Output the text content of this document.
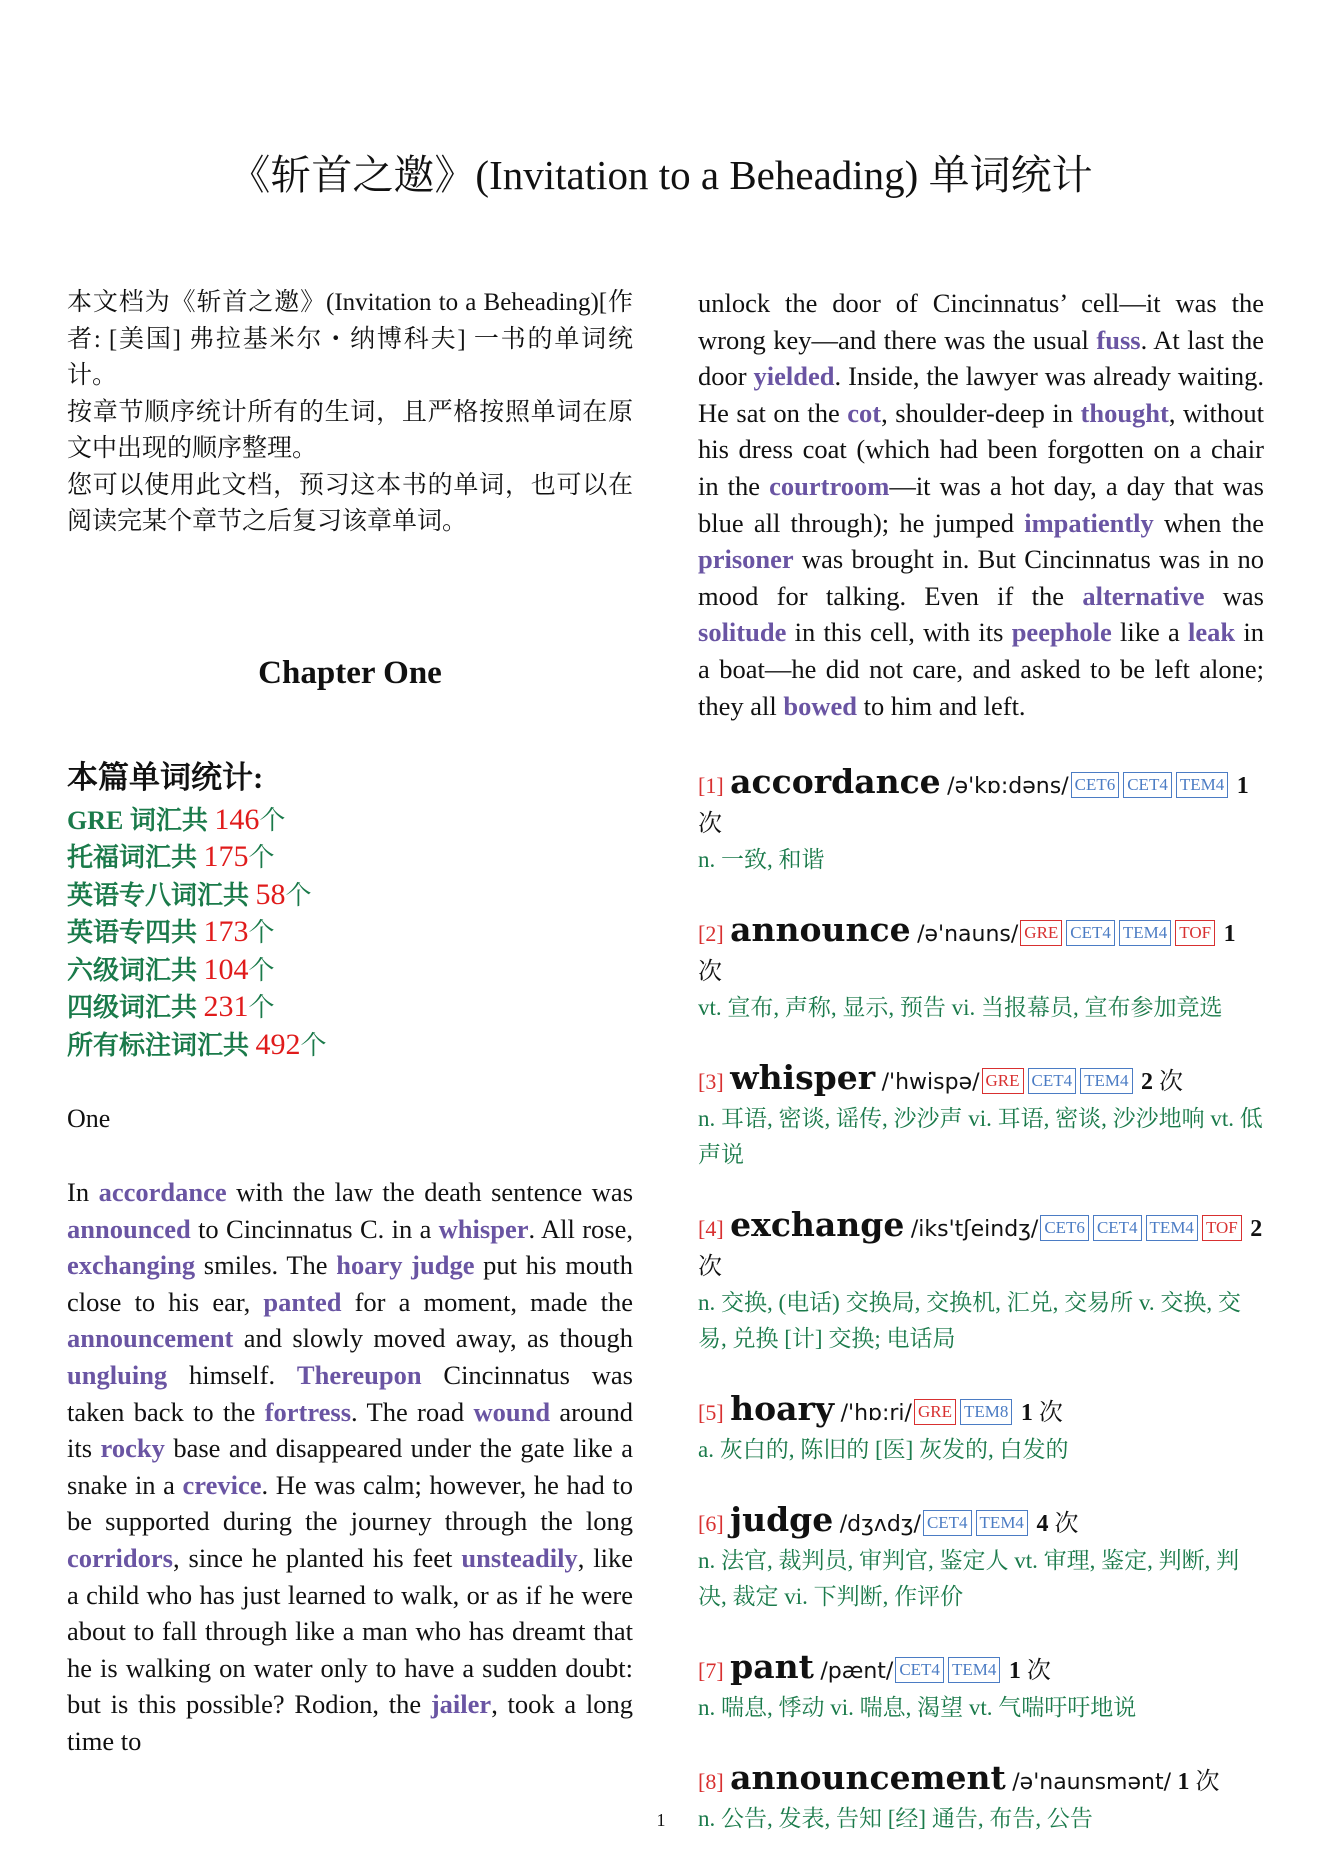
《斩首之邀》(Invitation to a Beheading) 单词统计

本文档为《斩首之邀》(Invitation to a Beheading)[作者: [美国] 弗拉基米尔・纳博科夫] 一书的单词统计。

按章节顺序统计所有的生词，且严格按照单词在原文中出现的顺序整理。

您可以使用此文档，预习这本书的单词，也可以在阅读完某个章节之后复习该章单词。

Chapter One
本篇单词统计:
GRE 词汇共 146个
托福词汇共 175个
英语专八词汇共 58个
英语专四共 173个
六级词汇共 104个
四级词汇共 231个
所有标注词汇共 492个
One
In accordance with the law the death sentence was announced to Cincinnatus C. in a whisper. All rose, exchanging smiles. The hoary judge put his mouth close to his ear, panted for a moment, made the announcement and slowly moved away, as though ungluing himself. Thereupon Cincinnatus was taken back to the fortress. The road wound around its rocky base and disappeared under the gate like a snake in a crevice. He was calm; however, he had to be supported during the journey through the long corridors, since he planted his feet unsteadily, like a child who has just learned to walk, or as if he were about to fall through like a man who has dreamt that he is walking on water only to have a sudden doubt: but is this possible? Rodion, the jailer, took a long time to
unlock the door of Cincinnatus’ cell—it was the wrong key—and there was the usual fuss. At last the door yielded. Inside, the lawyer was already waiting. He sat on the cot, shoulder-deep in thought, without his dress coat (which had been forgotten on a chair in the courtroom—it was a hot day, a day that was blue all through); he jumped impatiently when the prisoner was brought in. But Cincinnatus was in no mood for talking. Even if the alternative was solitude in this cell, with its peephole like a leak in a boat—he did not care, and asked to be left alone; they all bowed to him and left.
[1] accordance /ə'kɒ:dəns/ CET6 CET4 TEM4 1 次
n. 一致, 和谐
[2] announce /ə'nauns/ GRE CET4 TEM4 TOF 1 次
vt. 宣布, 声称, 显示, 预告 vi. 当报幕员, 宣布参加竞选
[3] whisper /'hwispə/ GRE CET4 TEM4 2 次
n. 耳语, 密谈, 谣传, 沙沙声 vi. 耳语, 密谈, 沙沙地响 vt. 低声说
[4] exchange /iks'tʃeindʒ/ CET6 CET4 TEM4 TOF 2 次
n. 交换, (电话) 交换局, 交换机, 汇兑, 交易所 v. 交换, 交易, 兑换 [计] 交换; 电话局
[5] hoary /'hɒ:ri/ GRE TEM8 1 次
a. 灰白的, 陈旧的 [医] 灰发的, 白发的
[6] judge /dʒʌdʒ/ CET4 TEM4 4 次
n. 法官, 裁判员, 审判官, 鉴定人 vt. 审理, 鉴定, 判断, 判决, 裁定 vi. 下判断, 作评价
[7] pant /pænt/ CET4 TEM4 1 次
n. 喘息, 悸动 vi. 喘息, 渴望 vt. 气喘吁吁地说
[8] announcement /ə'naunsmənt/ 1 次
n. 公告, 发表, 告知 [经] 通告, 布告, 公告
1
